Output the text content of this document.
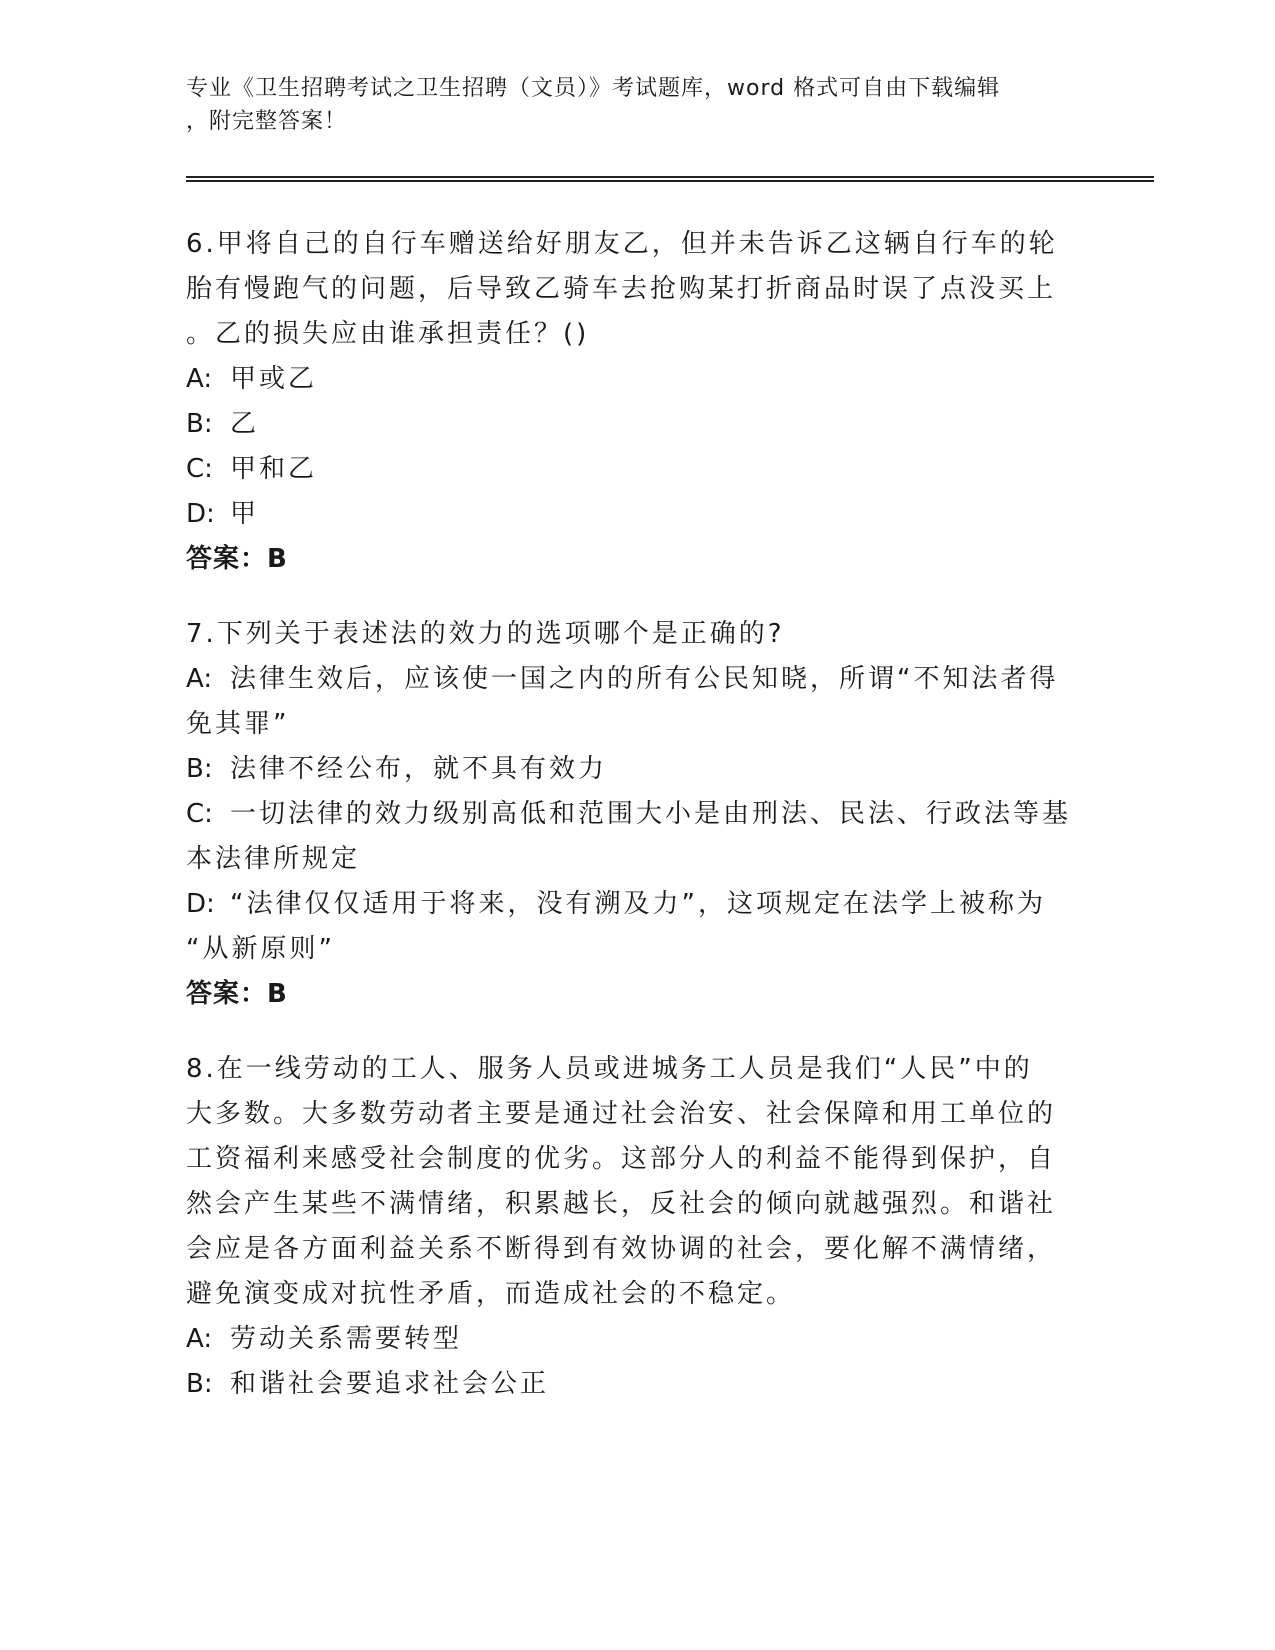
专业《卫生招聘考试之卫生招聘（文员）》考试题库，word 格式可自由下载编辑
，附完整答案！

6.甲将自己的自行车赠送给好朋友乙，但并未告诉乙这辆自行车的轮

胎有慢跑气的问题，后导致乙骑车去抢购某打折商品时误了点没买上

。乙的损失应由谁承担责任？()

A: 甲或乙
B: 乙
C: 甲和乙
D: 甲

答案：B

7.下列关于表述法的效力的选项哪个是正确的?

A: 法律生效后，应该使一国之内的所有公民知晓，所谓“不知法者得

免其罪”

B: 法律不经公布，就不具有效力
C: 一切法律的效力级别高低和范围大小是由刑法、民法、行政法等基

本法律所规定

D: “法律仅仅适用于将来，没有溯及力”，这项规定在法学上被称为

“从新原则”

答案：B

8.在一线劳动的工人、服务人员或进城务工人员是我们“人民”中的

大多数。大多数劳动者主要是通过社会治安、社会保障和用工单位的

工资福利来感受社会制度的优劣。这部分人的利益不能得到保护，自

然会产生某些不满情绪，积累越长，反社会的倾向就越强烈。和谐社

会应是各方面利益关系不断得到有效协调的社会，要化解不满情绪，

避免演变成对抗性矛盾，而造成社会的不稳定。

A: 劳动关系需要转型
B: 和谐社会要追求社会公正
